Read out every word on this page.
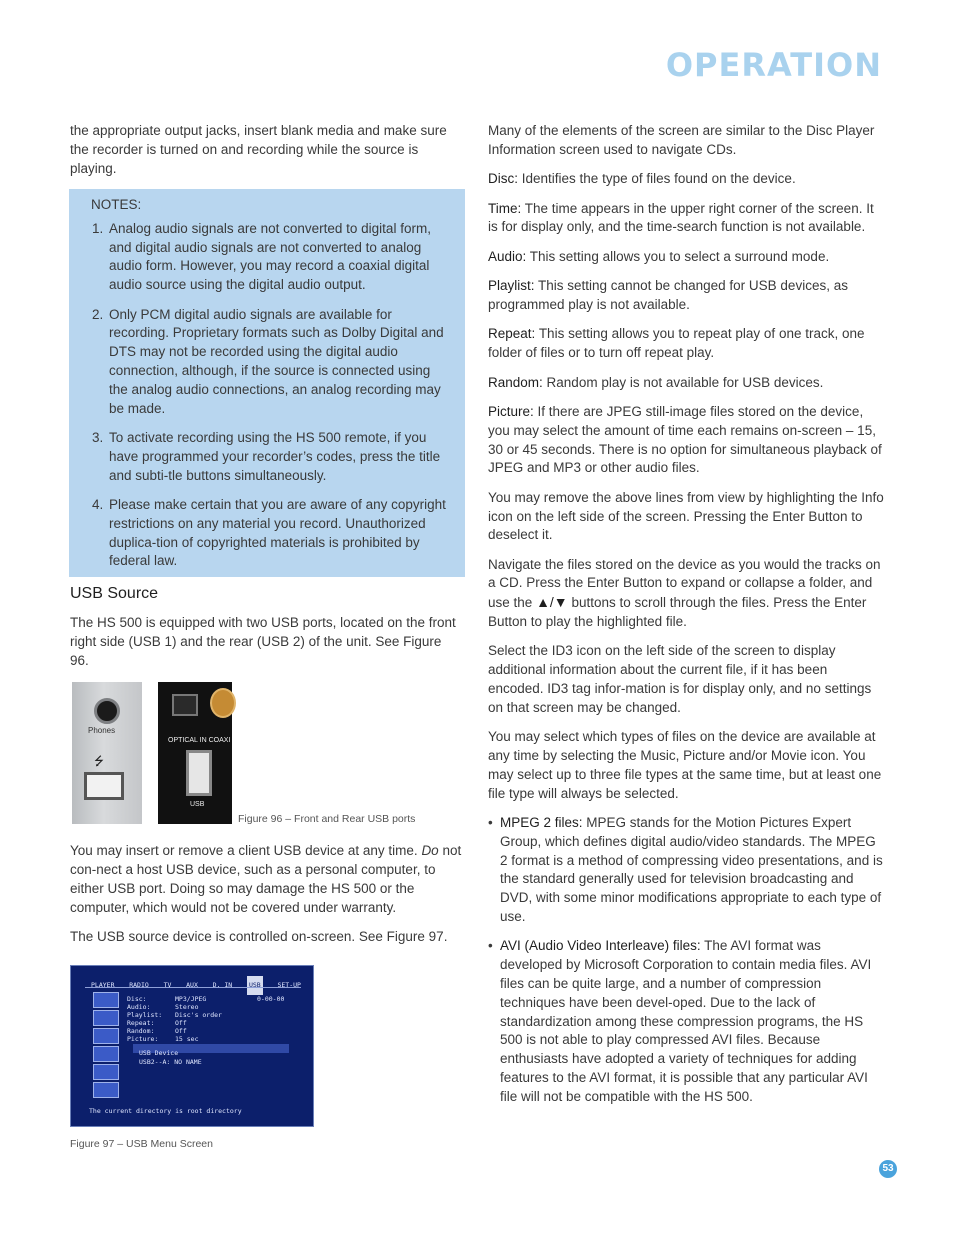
OPERATION

the appropriate output jacks, insert blank media and make sure the recorder is turned on and recording while the source is playing.

NOTES:
1. Analog audio signals are not converted to digital form, and digital audio signals are not converted to analog audio form. However, you may record a coaxial digital audio source using the digital audio output.
2. Only PCM digital audio signals are available for recording. Proprietary formats such as Dolby Digital and DTS may not be recorded using the digital audio connection, although, if the source is connected using the analog audio connections, an analog recording may be made.
3. To activate recording using the HS 500 remote, if you have programmed your recorder’s codes, press the title and subti-tle buttons simultaneously.
4. Please make certain that you are aware of any copyright restrictions on any material you record. Unauthorized duplica-tion of copyrighted materials is prohibited by federal law.
USB Source

The HS 500 is equipped with two USB ports, located on the front right side (USB 1) and the rear (USB 2) of the unit. See Figure 96.

Phones
⭍
OPTICAL IN COAXI
USB
Figure 96 – Front and Rear USB ports

You may insert or remove a client USB device at any time. Do not con-nect a host USB device, such as a personal computer, to either USB port. Doing so may damage the HS 500 or the computer, which would not be covered under warranty.

The USB source device is controlled on-screen. See Figure 97.

PLAYER RADIO TV AUX D. IN	USB	SET-UP
Disc:	MP3/JPEG
Audio:	Stereo
Playlist:	Disc's order
Repeat:	Off
Random:	Off
Picture:	15 sec
0-00-00
USB Device
USB2--A: NO NAME
The current directory is root directory
Figure 97 – USB Menu Screen

Many of the elements of the screen are similar to the Disc Player Information screen used to navigate CDs.

Disc: Identifies the type of files found on the device.

Time: The time appears in the upper right corner of the screen. It is for display only, and the time-search function is not available.

Audio: This setting allows you to select a surround mode.

Playlist: This setting cannot be changed for USB devices, as programmed play is not available.

Repeat: This setting allows you to repeat play of one track, one folder of files or to turn off repeat play.

Random: Random play is not available for USB devices.

Picture: If there are JPEG still-image files stored on the device, you may select the amount of time each remains on-screen – 15, 30 or 45 seconds. There is no option for simultaneous playback of JPEG and MP3 or other audio files.

You may remove the above lines from view by highlighting the Info icon on the left side of the screen. Pressing the Enter Button to deselect it.

Navigate the files stored on the device as you would the tracks on a CD. Press the Enter Button to expand or collapse a folder, and use the ▲/▼ buttons to scroll through the files. Press the Enter Button to play the highlighted file.

Select the ID3 icon on the left side of the screen to display additional information about the current file, if it has been encoded. ID3 tag infor-mation is for display only, and no settings on that screen may be changed.

You may select which types of files on the device are available at any time by selecting the Music, Picture and/or Movie icon. You may select up to three file types at the same time, but at least one file type will always be selected.

• MPEG 2 files: MPEG stands for the Motion Pictures Expert Group, which defines digital audio/video standards. The MPEG 2 format is a method of compressing video presentations, and is the standard generally used for television broadcasting and DVD, with some minor modifications appropriate to each type of use.
• AVI (Audio Video Interleave) files: The AVI format was developed by Microsoft Corporation to contain media files. AVI files can be quite large, and a number of compression techniques have been devel-oped. Due to the lack of standardization among these compression programs, the HS 500 is not able to play compressed AVI files. Because enthusiasts have adopted a variety of techniques for adding features to the AVI format, it is possible that any particular AVI file will not be compatible with the HS 500.
53
